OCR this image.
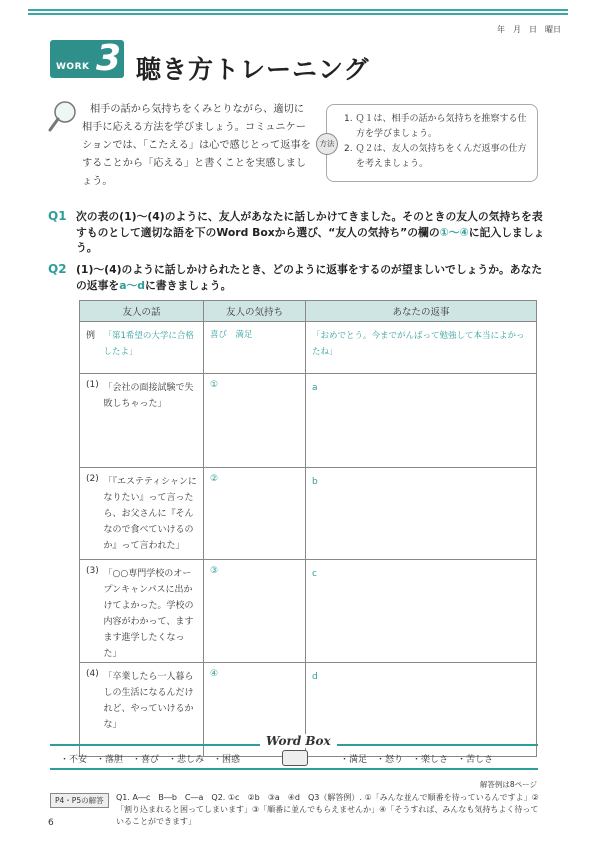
年　月　日　曜日
WORK 3 聴き方トレーニング
相手の話から気持ちをくみとりながら、適切に相手に応える方法を学びましょう。コミュニケーションでは、「こたえる」は心で感じとって返事をすることから「応える」と書くことを実感しましょう。
方法
1. Ｑ１は、相手の話から気持ちを推察する仕方を学びましょう。
2. Ｑ２は、友人の気持ちをくんだ返事の仕方を考えましょう。
Q1 次の表の(1)～(4)のように、友人があなたに話しかけてきました。そのときの友人の気持ちを表すものとして適切な語を下のWord Boxから選び、“友人の気持ち”の欄の①～④に記入しましょう。
Q2 (1)～(4)のように話しかけられたとき、どのように返事をするのが望ましいでしょうか。あなたの返事をa～dに書きましょう。
友人の話		友人の気持ち	あなたの返事
例	「第1希望の大学に合格したよ」	喜び　満足	「おめでとう。今までがんばって勉強して本当によかったね」
(1)	「会社の面接試験で失敗しちゃった」	①	a
(2)	「『エステティシャンになりたい』って言ったら、お父さんに『そんなので食べていけるのか』って言われた」	②	b
(3)	「○○専門学校のオープンキャンパスに出かけてよかった。学校の内容がわかって、ますます進学したくなった」	③	c
(4)	「卒業したら一人暮らしの生活になるんだけれど、やっていけるかな」	④	d
Word Box
・不安　・落胆　・喜び　・悲しみ　・困惑	・満足　・怒り　・楽しさ　・苦しさ
解答例は8ページ
P4・P5の解答	Q1. A―c　B―b　C―a　Q2. ①c　②b　③a　④d　Q3（解答例）. ①「みんな並んで順番を待っているんですよ」②「割り込まれると困ってしまいます」③「順番に並んでもらえませんか」④「そうすれば、みんなも気持ちよく待っていることができます」
6
